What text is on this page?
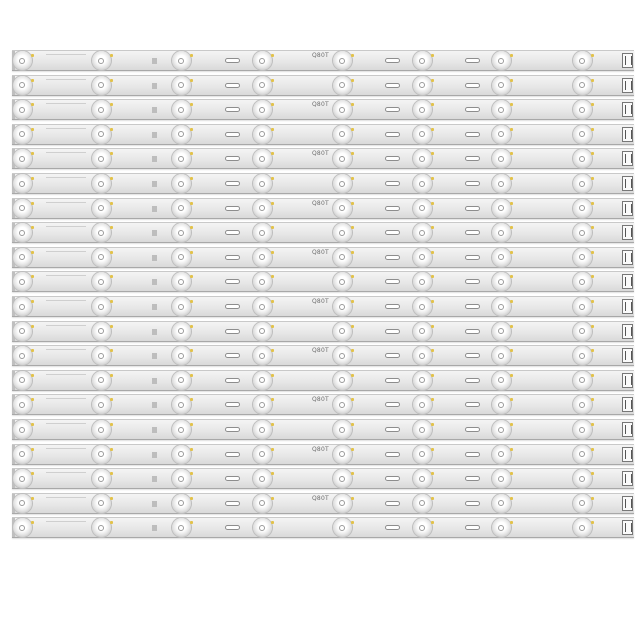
Q80T
Q80T
Q80T
Q80T
Q80T
Q80T
Q80T
Q80T
Q80T
Q80T
